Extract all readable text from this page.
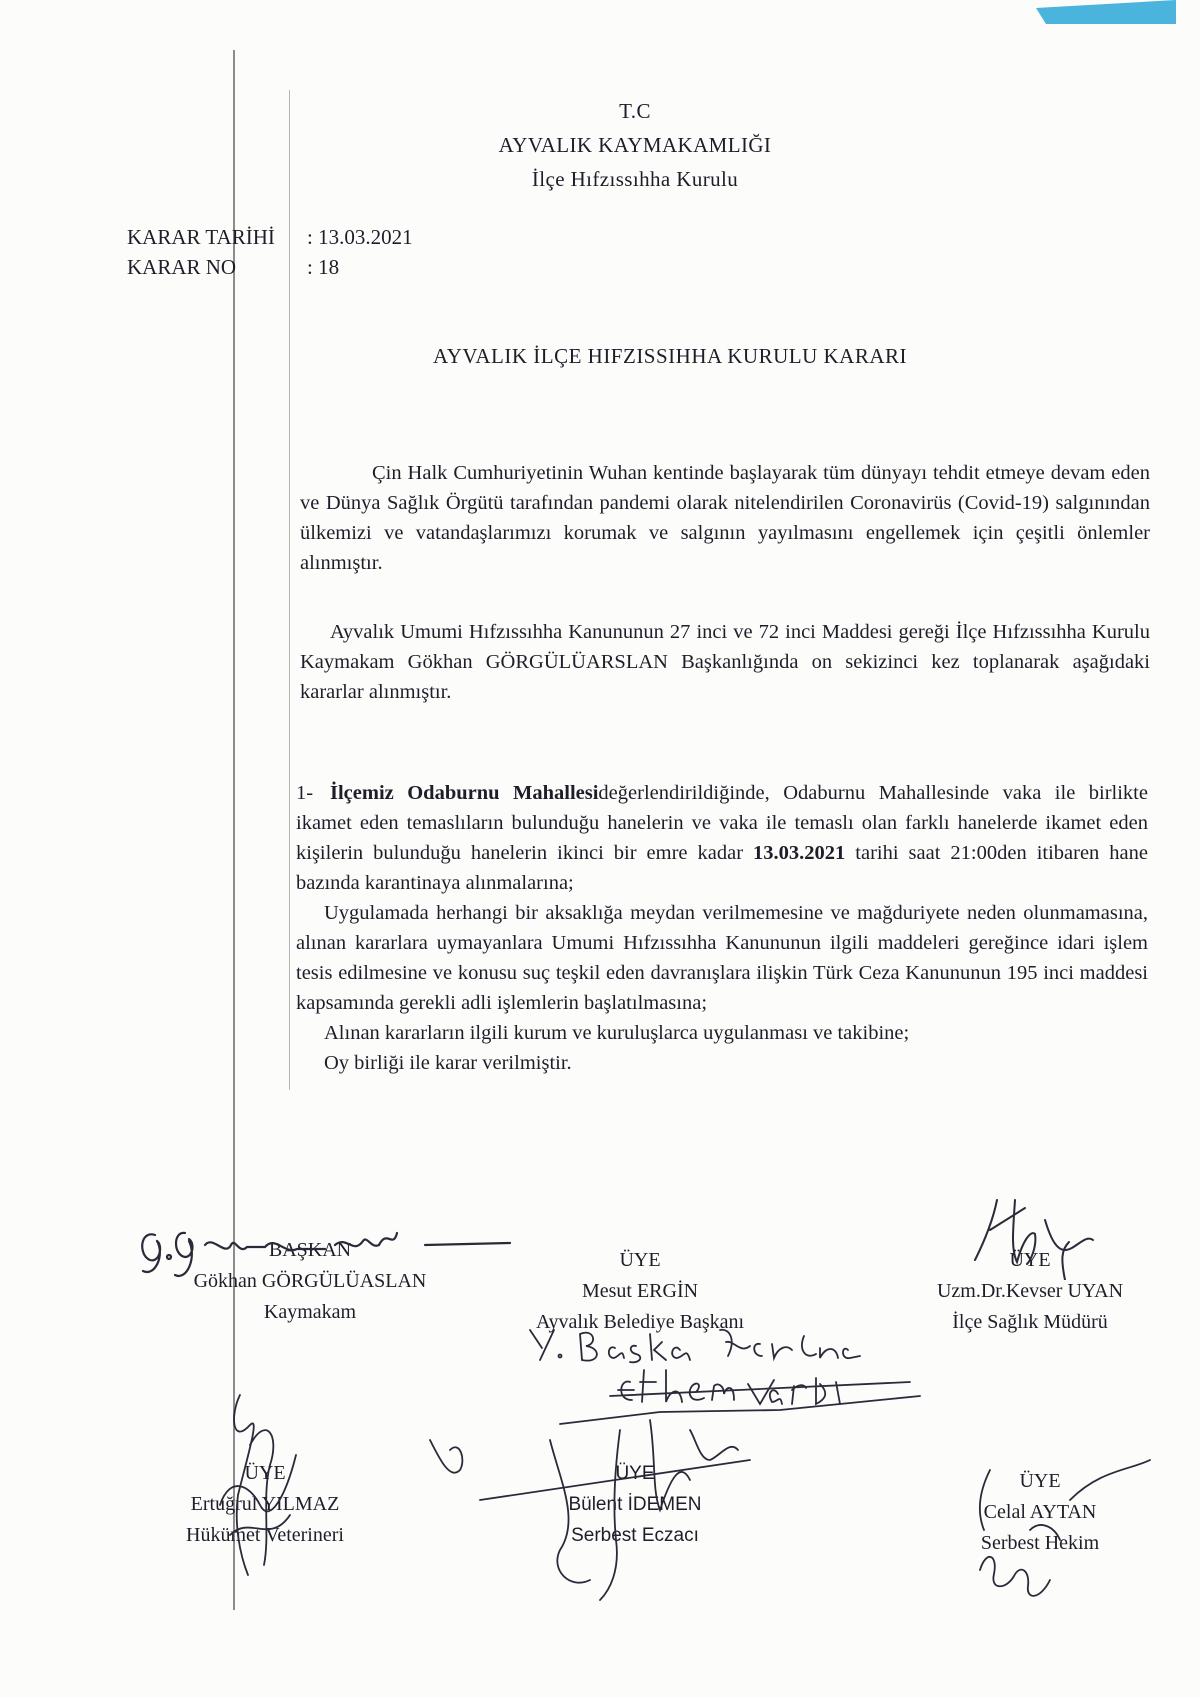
T.C
AYVALIK KAYMAKAMLIĞI
İlçe Hıfzıssıhha Kurulu
KARAR TARİHİ : 13.03.2021
KARAR NO	: 18
AYVALIK İLÇE HIFZISSIHHA KURULU KARARI
Çin Halk Cumhuriyetinin Wuhan kentinde başlayarak tüm dünyayı tehdit etmeye devam eden ve Dünya Sağlık Örgütü tarafından pandemi olarak nitelendirilen Coronavirüs (Covid-19) salgınından ülkemizi ve vatandaşlarımızı korumak ve salgının yayılmasını engellemek için çeşitli önlemler alınmıştır.
Ayvalık Umumi Hıfzıssıhha Kanununun 27 inci ve 72 inci Maddesi gereği İlçe Hıfzıssıhha Kurulu Kaymakam Gökhan GÖRGÜLÜARSLAN Başkanlığında on sekizinci kez toplanarak aşağıdaki kararlar alınmıştır.
1- İlçemiz Odaburnu Mahallesideğerlendirildiğinde, Odaburnu Mahallesinde vaka ile birlikte ikamet eden temaslıların bulunduğu hanelerin ve vaka ile temaslı olan farklı hanelerde ikamet eden kişilerin bulunduğu hanelerin ikinci bir emre kadar 13.03.2021 tarihi saat 21:00den itibaren hane bazında karantinaya alınmalarına;
Uygulamada herhangi bir aksaklığa meydan verilmemesine ve mağduriyete neden olunmamasına, alınan kararlara uymayanlara Umumi Hıfzıssıhha Kanununun ilgili maddeleri gereğince idari işlem tesis edilmesine ve konusu suç teşkil eden davranışlara ilişkin Türk Ceza Kanununun 195 inci maddesi kapsamında gerekli adli işlemlerin başlatılmasına;
Alınan kararların ilgili kurum ve kuruluşlarca uygulanması ve takibine;
Oy birliği ile karar verilmiştir.
BAŞKAN
Gökhan GÖRGÜLÜASLAN
Kaymakam
ÜYE
Mesut ERGİN
Ayvalık Belediye Başkanı
ÜYE
Uzm.Dr.Kevser UYAN
İlçe Sağlık Müdürü
ÜYE
Ertuğrul YILMAZ
Hükümet Veterineri
ÜYE
Bülent İDEMEN
Serbest Eczacı
ÜYE
Celal AYTAN
Serbest Hekim
